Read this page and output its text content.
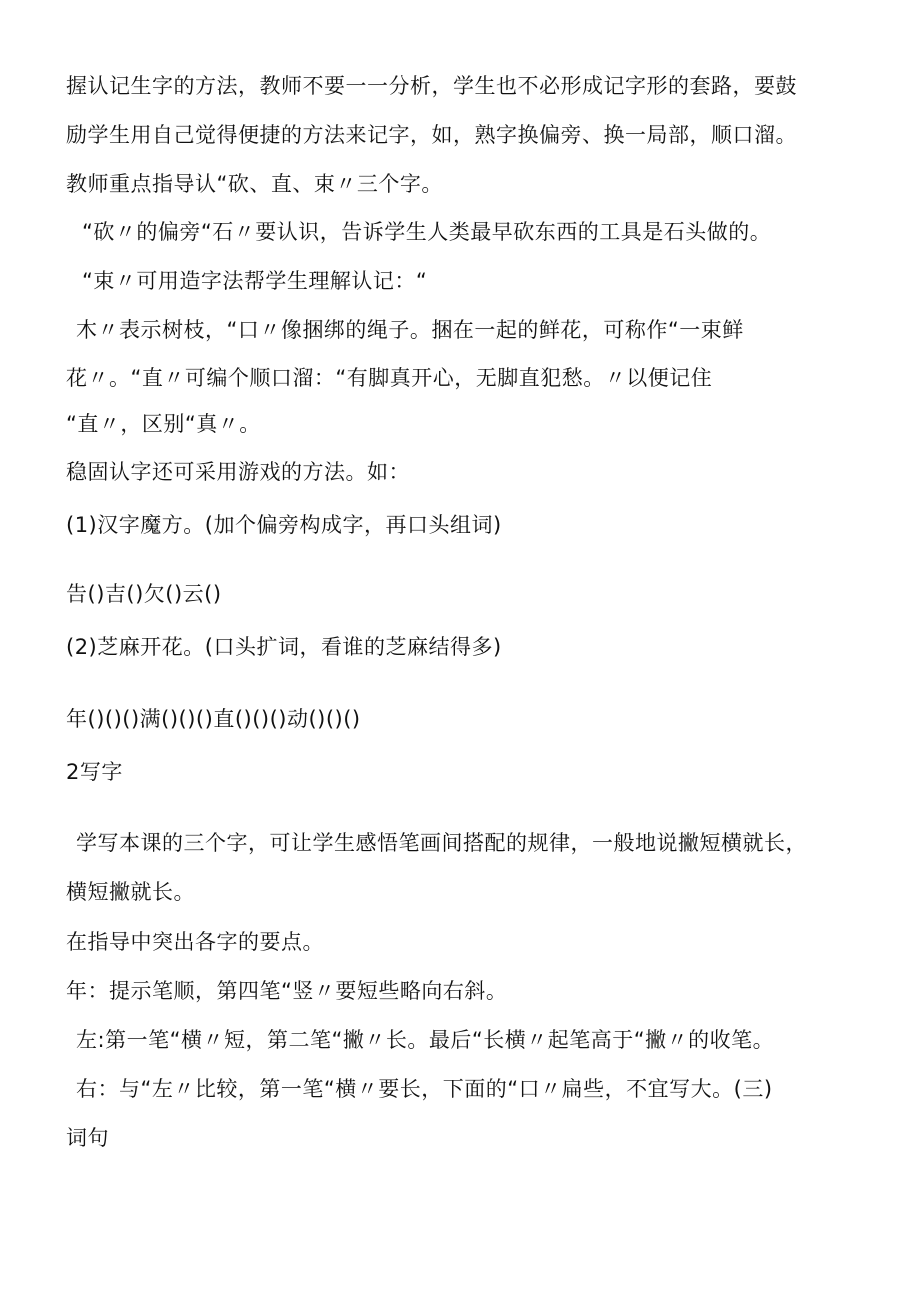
握认记生字的方法，教师不要一一分析，学生也不必形成记字形的套路，要鼓
励学生用自己觉得便捷的方法来记字，如，熟字换偏旁、换一局部，顺口溜。
教师重点指导认“砍、直、束〃三个字。
“砍〃的偏旁“石〃要认识，告诉学生人类最早砍东西的工具是石头做的。
“束〃可用造字法帮学生理解认记：“
木〃表示树枝，“口〃像捆绑的绳子。捆在一起的鲜花，可称作“一束鲜
花〃。“直〃可编个顺口溜：“有脚真开心，无脚直犯愁。〃以便记住
“直〃，区别“真〃。
稳固认字还可采用游戏的方法。如：
(1)汉字魔方。(加个偏旁构成字，再口头组词)
告()吉()欠()云()
(2)芝麻开花。(口头扩词，看谁的芝麻结得多)
年()()()满()()()直()()()动()()()
2写字
学写本课的三个字，可让学生感悟笔画间搭配的规律，一般地说撇短横就长，
横短撇就长。
在指导中突出各字的要点。
年：提示笔顺，第四笔“竖〃要短些略向右斜。
左:第一笔“横〃短，第二笔“撇〃长。最后“长横〃起笔高于“撇〃的收笔。
右：与“左〃比较，第一笔“横〃要长，下面的“口〃扁些，不宜写大。(三)
词句
